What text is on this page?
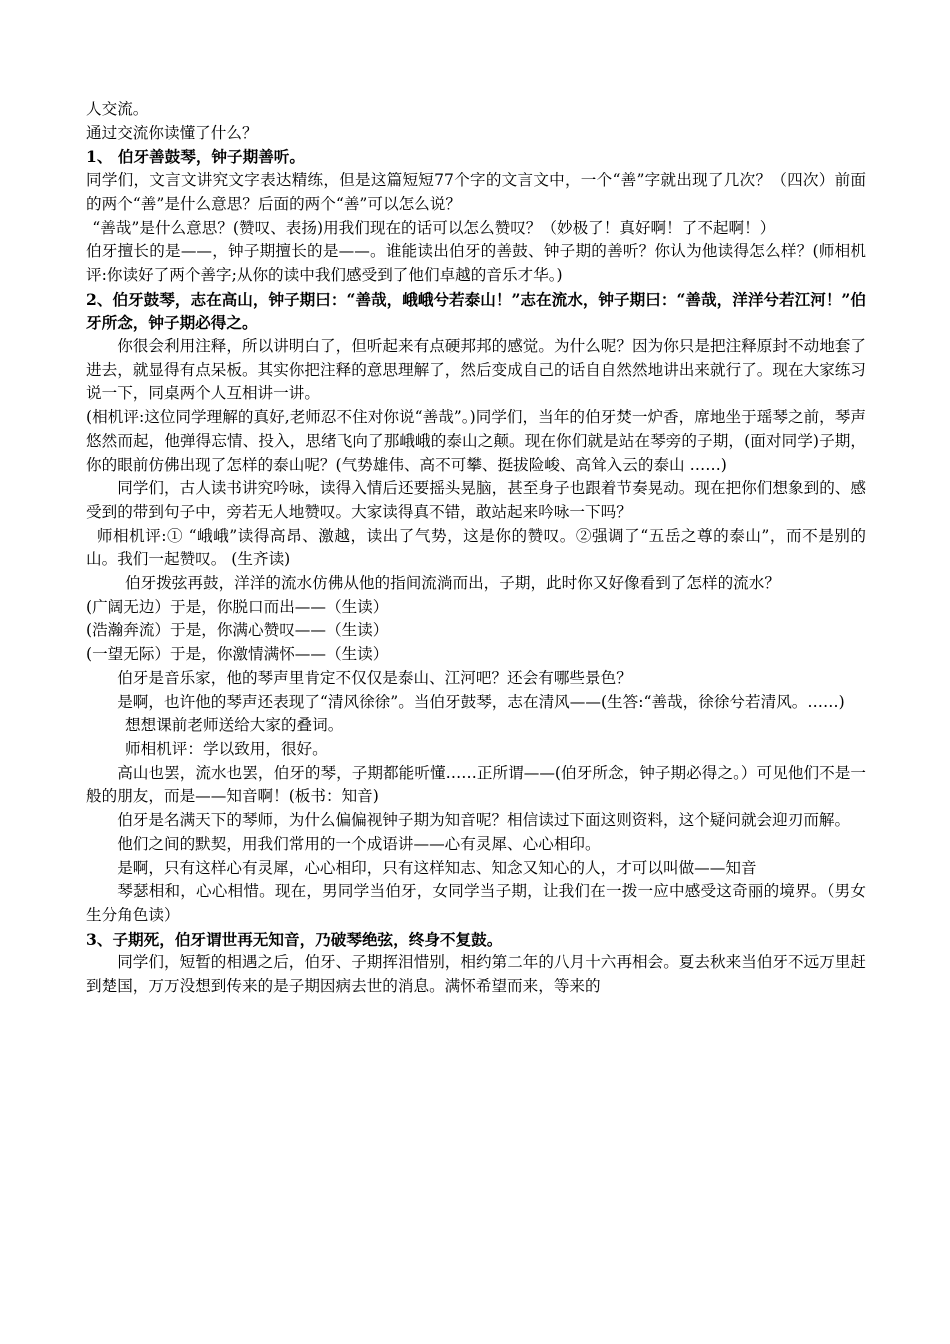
人交流。

通过交流你读懂了什么？

1、 伯牙善鼓琴，钟子期善听。

同学们，文言文讲究文字表达精练，但是这篇短短77个字的文言文中，一个“善”字就出现了几次？（四次）前面的两个“善”是什么意思？后面的两个“善”可以怎么说？

“善哉”是什么意思？(赞叹、表扬)用我们现在的话可以怎么赞叹？（妙极了！真好啊！了不起啊！）

伯牙擅长的是——，钟子期擅长的是——。谁能读出伯牙的善鼓、钟子期的善听？你认为他读得怎么样？(师相机评:你读好了两个善字;从你的读中我们感受到了他们卓越的音乐才华。)

2、伯牙鼓琴，志在高山，钟子期曰：“善哉，峨峨兮若泰山！”志在流水，钟子期曰：“善哉，洋洋兮若江河！”伯牙所念，钟子期必得之。

你很会利用注释，所以讲明白了，但听起来有点硬邦邦的感觉。为什么呢？因为你只是把注释原封不动地套了进去，就显得有点呆板。其实你把注释的意思理解了，然后变成自己的话自自然然地讲出来就行了。现在大家练习说一下，同桌两个人互相讲一讲。

(相机评:这位同学理解的真好,老师忍不住对你说“善哉”。)同学们，当年的伯牙焚一炉香，席地坐于瑶琴之前，琴声悠然而起，他弹得忘情、投入，思绪飞向了那峨峨的泰山之颠。现在你们就是站在琴旁的子期，(面对同学)子期， 你的眼前仿佛出现了怎样的泰山呢？(气势雄伟、高不可攀、挺拔险峻、高耸入云的泰山 ……)

同学们，古人读书讲究吟咏，读得入情后还要摇头晃脑，甚至身子也跟着节奏晃动。现在把你们想象到的、感受到的带到句子中，旁若无人地赞叹。大家读得真不错，敢站起来吟咏一下吗？

师相机评:① “峨峨”读得高昂、激越，读出了气势，这是你的赞叹。②强调了“五岳之尊的泰山”，而不是别的山。我们一起赞叹。 (生齐读)

伯牙拨弦再鼓，洋洋的流水仿佛从他的指间流淌而出，子期，此时你又好像看到了怎样的流水？

(广阔无边）于是，你脱口而出——（生读）

(浩瀚奔流）于是，你满心赞叹——（生读）

(一望无际）于是，你激情满怀——（生读）

伯牙是音乐家，他的琴声里肯定不仅仅是泰山、江河吧？还会有哪些景色？

是啊，也许他的琴声还表现了“清风徐徐”。当伯牙鼓琴，志在清风——(生答:“善哉，徐徐兮若清风。……)

想想课前老师送给大家的叠词。

师相机评：学以致用，很好。

高山也罢，流水也罢，伯牙的琴，子期都能听懂……正所谓——(伯牙所念，钟子期必得之。）可见他们不是一般的朋友，而是——知音啊！(板书：知音)

伯牙是名满天下的琴师，为什么偏偏视钟子期为知音呢？相信读过下面这则资料，这个疑问就会迎刃而解。

他们之间的默契，用我们常用的一个成语讲——心有灵犀、心心相印。

是啊，只有这样心有灵犀，心心相印，只有这样知志、知念又知心的人，才可以叫做——知音

琴瑟相和，心心相惜。现在，男同学当伯牙，女同学当子期，让我们在一拨一应中感受这奇丽的境界。（男女生分角色读）

3、子期死，伯牙谓世再无知音，乃破琴绝弦，终身不复鼓。

同学们，短暂的相遇之后，伯牙、子期挥泪惜别，相约第二年的八月十六再相会。夏去秋来当伯牙不远万里赶到楚国，万万没想到传来的是子期因病去世的消息。满怀希望而来，等来的
